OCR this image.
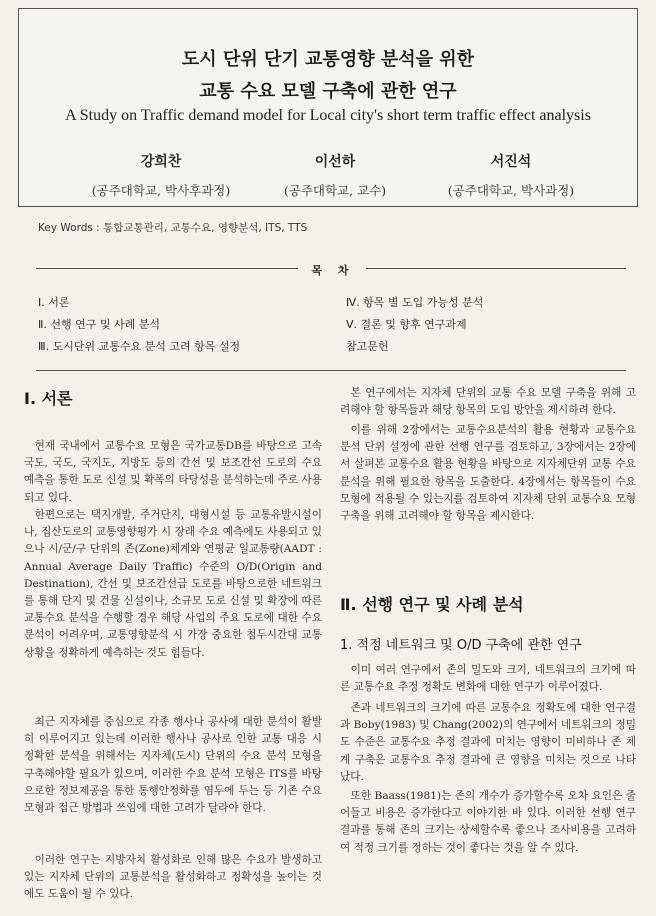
도시 단위 단기 교통영향 분석을 위한
교통 수요 모델 구축에 관한 연구
A Study on Traffic demand model for Local city's short term traffic effect analysis
강희찬
(공주대학교, 박사후과정)
이선하
(공주대학교, 교수)
서진석
(공주대학교, 박사과정)
Key Words : 통합교통관리, 교통수요, 영향분석, ITS, TTS
목 차
Ⅰ. 서론
Ⅱ. 선행 연구 및 사례 분석
Ⅲ. 도시단위 교통수요 분석 고려 항목 설정
Ⅳ. 항목 별 도입 가능성 분석
Ⅴ. 결론 및 향후 연구과제
참고문헌
Ⅰ. 서론

현재 국내에서 교통수요 모형은 국가교통DB를 바탕으로 고속국도, 국도, 국지도, 지방도 등의 간선 및 보조간선 도로의 수요 예측을 통한 도로 신설 및 확폭의 타당성을 분석하는데 주로 사용되고 있다.

한편으로는 택지개발, 주거단지, 대형시설 등 교통유발시설이나, 집산도로의 교통영향평가 시 장래 수요 예측에도 사용되고 있으나 시/군/구 단위의 존(Zone)체계와 연평균 일교통량(AADT : Annual Average Daily Traffic) 수준의 O/D(Origin and Destination), 간선 및 보조간선급 도로를 바탕으로한 네트워크를 통해 단지 및 건물 신설이나, 소규모 도로 신설 및 확장에 따른 교통수요 분석을 수행할 경우 해당 사업의 주요 도로에 대한 수요분석이 어려우며, 교통영향분석 시 가장 중요한 첨두시간대 교통상황을 정확하게 예측하는 것도 힘들다.

최근 지자체를 중심으로 각종 행사나 공사에 대한 분석이 활발히 이루어지고 있는데 이러한 행사나 공사로 인한 교통 대응 시 정확한 분석을 위해서는 지자체(도시) 단위의 수요 분석 모형을 구축해야할 필요가 있으며, 이러한 수요 분석 모형은 ITS를 바탕으로한 정보제공을 통한 통행안정화를 염두에 두는 등 기존 수요모형과 접근 방법과 쓰임에 대한 고려가 달라야 한다.

이러한 연구는 지방자치 활성화로 인해 많은 수요가 발생하고 있는 지자체 단위의 교통분석을 활성화하고 정확성을 높이는 것에도 도움이 될 수 있다.

본 연구에서는 지자체 단위의 교통 수요 모델 구축을 위해 고려해야 할 항목들과 해당 항목의 도입 방안을 제시하려 한다.

이를 위해 2장에서는 교통수요분석의 활용 현황과 교통수요 분석 단위 설정에 관한 선행 연구를 검토하고, 3장에서는 2장에서 살펴본 교통수요 활용 현황을 바탕으로 지자체단위 교통 수요 분석을 위해 필요한 항목을 도출한다. 4장에서는 항목들이 수요모형에 적용될 수 있는지를 검토하여 지자체 단위 교통수요 모형 구축을 위해 고려해야 할 항목을 제시한다.

Ⅱ. 선행 연구 및 사례 분석
1. 적정 네트워크 및 O/D 구축에 관한 연구

이미 여러 연구에서 존의 밀도와 크기, 네트워크의 크기에 따른 교통수요 추정 정확도 변화에 대한 연구가 이루어졌다.

존과 네트워크의 크기에 따른 교통수요 정확도에 대한 연구결과 Boby(1983) 및 Chang(2002)의 연구에서 네트워크의 정밀도 수준은 교통수요 추정 결과에 미치는 영향이 미비하나 존 체계 구축은 교통수요 추정 결과에 큰 영향을 미치는 것으로 나타났다.

또한 Baass(1981)는 존의 개수가 증가할수록 오차 요인은 줄어들고 비용은 증가한다고 이야기한 바 있다. 이러한 선행 연구 결과를 통해 존의 크기는 상세할수록 좋으나 조사비용을 고려하여 적정 크기를 정하는 것이 좋다는 것을 알 수 있다.
